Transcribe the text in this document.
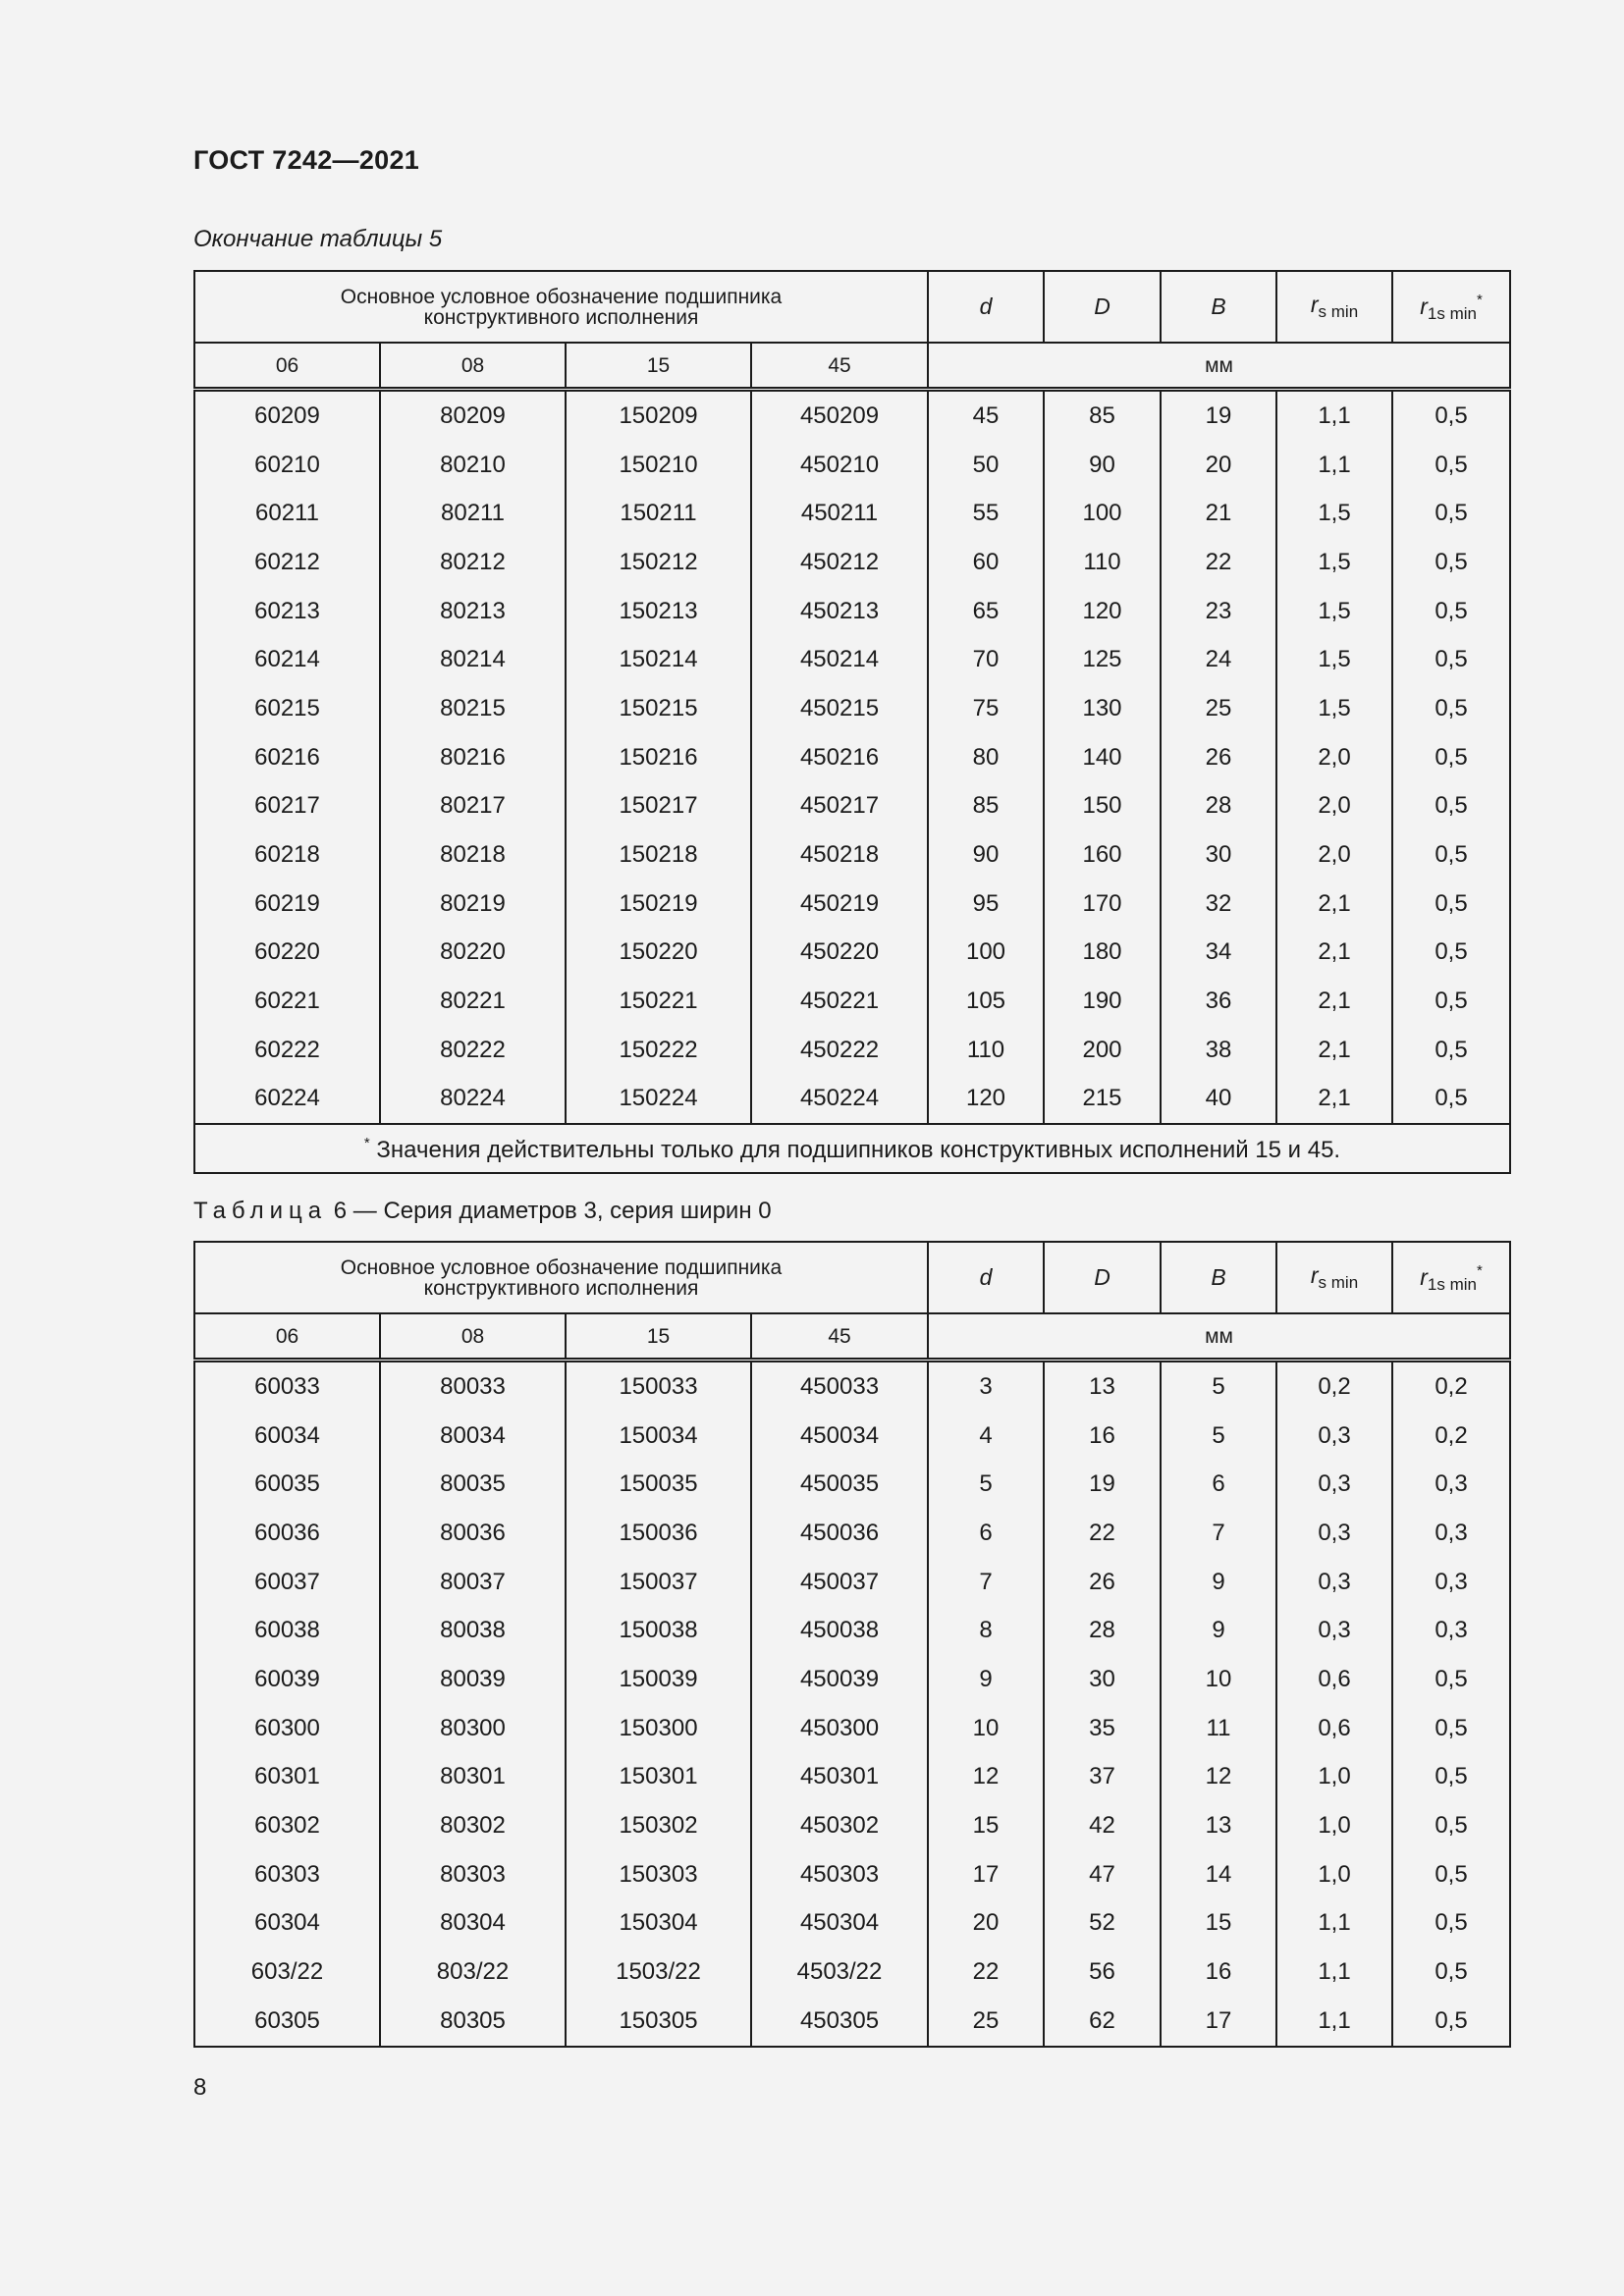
ГОСТ 7242—2021
Окончание таблицы 5
Основное условное обозначение подшипника
конструктивного исполнения				d	D	B	$r_{s min}$	$r_{1s min}^*$
06	08	15	45	мм				
60209	80209	150209	450209	45	85	19	1,1	0,5
60210	80210	150210	450210	50	90	20	1,1	0,5
60211	80211	150211	450211	55	100	21	1,5	0,5
60212	80212	150212	450212	60	110	22	1,5	0,5
60213	80213	150213	450213	65	120	23	1,5	0,5
60214	80214	150214	450214	70	125	24	1,5	0,5
60215	80215	150215	450215	75	130	25	1,5	0,5
60216	80216	150216	450216	80	140	26	2,0	0,5
60217	80217	150217	450217	85	150	28	2,0	0,5
60218	80218	150218	450218	90	160	30	2,0	0,5
60219	80219	150219	450219	95	170	32	2,1	0,5
60220	80220	150220	450220	100	180	34	2,1	0,5
60221	80221	150221	450221	105	190	36	2,1	0,5
60222	80222	150222	450222	110	200	38	2,1	0,5
60224	80224	150224	450224	120	215	40	2,1	0,5
* Значения действительны только для подшипников конструктивных исполнений 15 и 45.								
Таблица 6 — Серия диаметров 3, серия ширин 0
Основное условное обозначение подшипника
конструктивного исполнения				d	D	B	$r_{s min}$	$r_{1s min}^*$
06	08	15	45	мм				
60033	80033	150033	450033	3	13	5	0,2	0,2
60034	80034	150034	450034	4	16	5	0,3	0,2
60035	80035	150035	450035	5	19	6	0,3	0,3
60036	80036	150036	450036	6	22	7	0,3	0,3
60037	80037	150037	450037	7	26	9	0,3	0,3
60038	80038	150038	450038	8	28	9	0,3	0,3
60039	80039	150039	450039	9	30	10	0,6	0,5
60300	80300	150300	450300	10	35	11	0,6	0,5
60301	80301	150301	450301	12	37	12	1,0	0,5
60302	80302	150302	450302	15	42	13	1,0	0,5
60303	80303	150303	450303	17	47	14	1,0	0,5
60304	80304	150304	450304	20	52	15	1,1	0,5
603/22	803/22	1503/22	4503/22	22	56	16	1,1	0,5
60305	80305	150305	450305	25	62	17	1,1	0,5
8
